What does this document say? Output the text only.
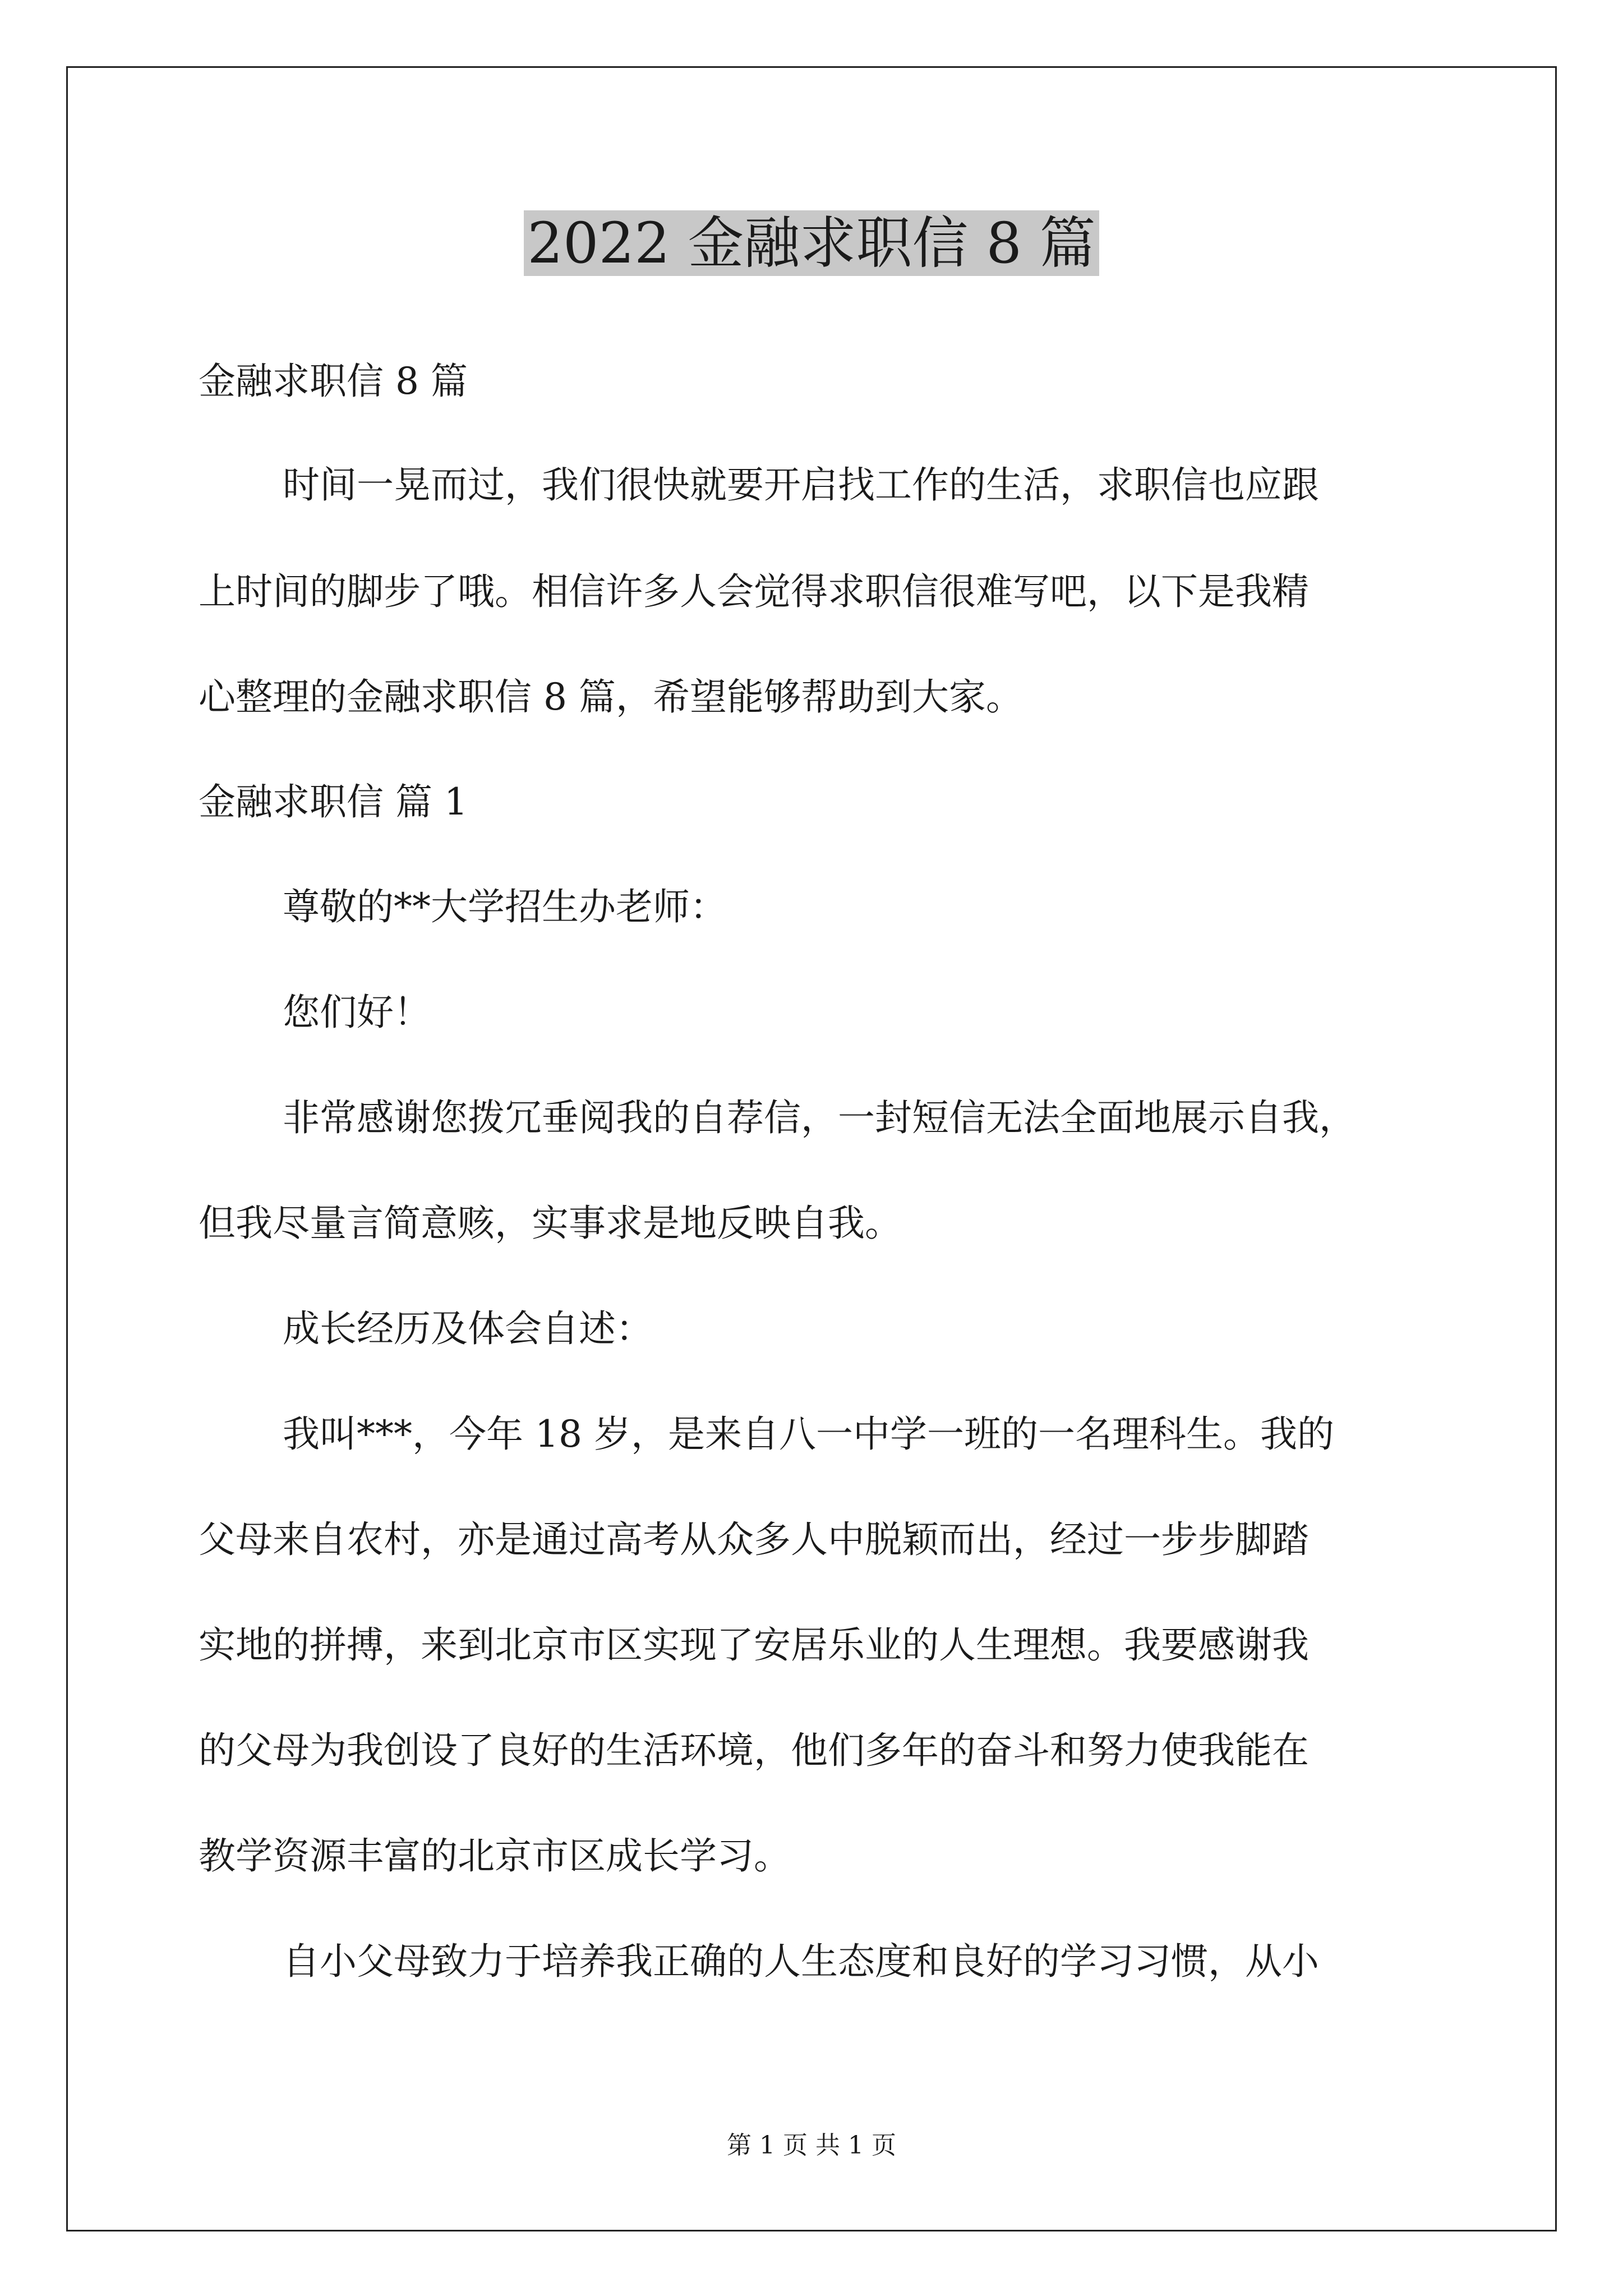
2022 金融求职信 8 篇
金融求职信 8 篇
时间一晃而过，我们很快就要开启找工作的生活，求职信也应跟
上时间的脚步了哦。相信许多人会觉得求职信很难写吧，以下是我精
心整理的金融求职信 8 篇，希望能够帮助到大家。
金融求职信 篇 1
尊敬的**大学招生办老师：
您们好！
非常感谢您拨冗垂阅我的自荐信，一封短信无法全面地展示自我，
但我尽量言简意赅，实事求是地反映自我。
成长经历及体会自述：
我叫***，今年 18 岁，是来自八一中学一班的一名理科生。我的
父母来自农村，亦是通过高考从众多人中脱颖而出，经过一步步脚踏
实地的拼搏，来到北京市区实现了安居乐业的人生理想。我要感谢我
的父母为我创设了良好的生活环境，他们多年的奋斗和努力使我能在
教学资源丰富的北京市区成长学习。
自小父母致力于培养我正确的人生态度和良好的学习习惯，从小
第 1 页 共 1 页
